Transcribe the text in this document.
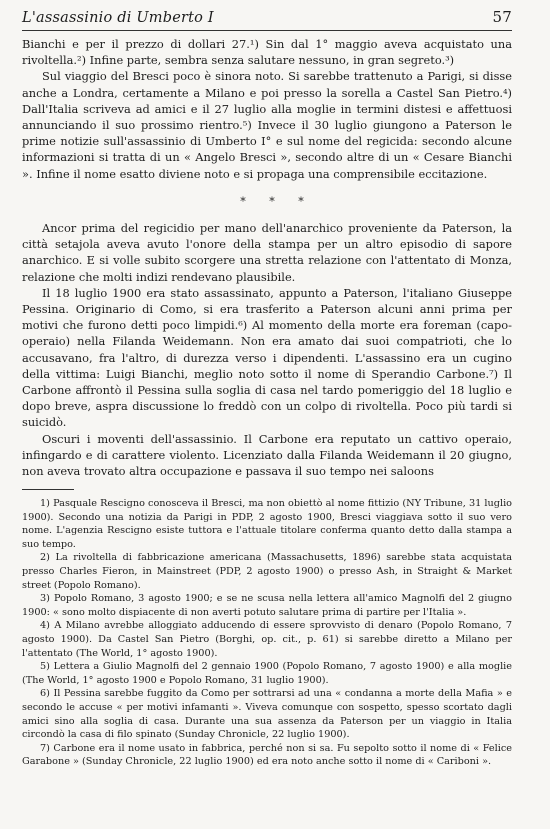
L'assassinio di Umberto I	57

Bianchi e per il prezzo di dollari 27.¹) Sin dal 1° maggio aveva acquistato una rivoltella.²) Infine parte, sembra senza salutare nessuno, in gran segreto.³)

Sul viaggio del Bresci poco è sinora noto. Si sarebbe trattenuto a Parigi, si disse anche a Londra, certamente a Milano e poi presso la sorella a Castel San Pietro.⁴) Dall'Italia scriveva ad amici e il 27 luglio alla moglie in termini distesi e affettuosi annunciando il suo prossimo rientro.⁵) Invece il 30 luglio giungono a Paterson le prime notizie sull'assassinio di Umberto I° e sul nome del regicida: secondo alcune informazioni si tratta di un « Angelo Bresci », secondo altre di un « Cesare Bianchi ». Infine il nome esatto diviene noto e si propaga una comprensibile eccitazione.

* * *

Ancor prima del regicidio per mano dell'anarchico proveniente da Paterson, la città setajola aveva avuto l'onore della stampa per un altro episodio di sapore anarchico. E si volle subito scorgere una stretta relazione con l'attentato di Monza, relazione che molti indizi rendevano plausibile.

Il 18 luglio 1900 era stato assassinato, appunto a Paterson, l'italiano Giuseppe Pessina. Originario di Como, si era trasferito a Paterson alcuni anni prima per motivi che furono detti poco limpidi.⁶) Al momento della morte era foreman (capo-operaio) nella Filanda Weidemann. Non era amato dai suoi compatrioti, che lo accusavano, fra l'altro, di durezza verso i dipendenti. L'assassino era un cugino della vittima: Luigi Bianchi, meglio noto sotto il nome di Sperandio Carbone.⁷) Il Carbone affrontò il Pessina sulla soglia di casa nel tardo pomeriggio del 18 luglio e dopo breve, aspra discussione lo freddò con un colpo di rivoltella. Poco più tardi si suicidò.

Oscuri i moventi dell'assassinio. Il Carbone era reputato un cattivo operaio, infingardo e di carattere violento. Licenziato dalla Filanda Weidemann il 20 giugno, non aveva trovato altra occupazione e passava il suo tempo nei saloons

1) Pasquale Rescigno conosceva il Bresci, ma non obiettò al nome fittizio (NY Tribune, 31 luglio 1900). Secondo una notizia da Parigi in PDP, 2 agosto 1900, Bresci viaggiava sotto il suo vero nome. L'agenzia Rescigno esiste tuttora e l'attuale titolare conferma quanto detto dalla stampa a suo tempo.

2) La rivoltella di fabbricazione americana (Massachusetts, 1896) sarebbe stata acquistata presso Charles Fieron, in Mainstreet (PDP, 2 agosto 1900) o presso Ash, in Straight & Market street (Popolo Romano).

3) Popolo Romano, 3 agosto 1900; e se ne scusa nella lettera all'amico Magnolfi del 2 giugno 1900: « sono molto dispiacente di non averti potuto salutare prima di partire per l'Italia ».

4) A Milano avrebbe alloggiato adducendo di essere sprovvisto di denaro (Popolo Romano, 7 agosto 1900). Da Castel San Pietro (Borghi, op. cit., p. 61) si sarebbe diretto a Milano per l'attentato (The World, 1° agosto 1900).

5) Lettera a Giulio Magnolfi del 2 gennaio 1900 (Popolo Romano, 7 agosto 1900) e alla moglie (The World, 1° agosto 1900 e Popolo Romano, 31 luglio 1900).

6) Il Pessina sarebbe fuggito da Como per sottrarsi ad una « condanna a morte della Mafia » e secondo le accuse « per motivi infamanti ». Viveva comunque con sospetto, spesso scortato dagli amici sino alla soglia di casa. Durante una sua assenza da Paterson per un viaggio in Italia circondò la casa di filo spinato (Sunday Chronicle, 22 luglio 1900).

7) Carbone era il nome usato in fabbrica, perché non si sa. Fu sepolto sotto il nome di « Felice Garabone » (Sunday Chronicle, 22 luglio 1900) ed era noto anche sotto il nome di « Cariboni ».
